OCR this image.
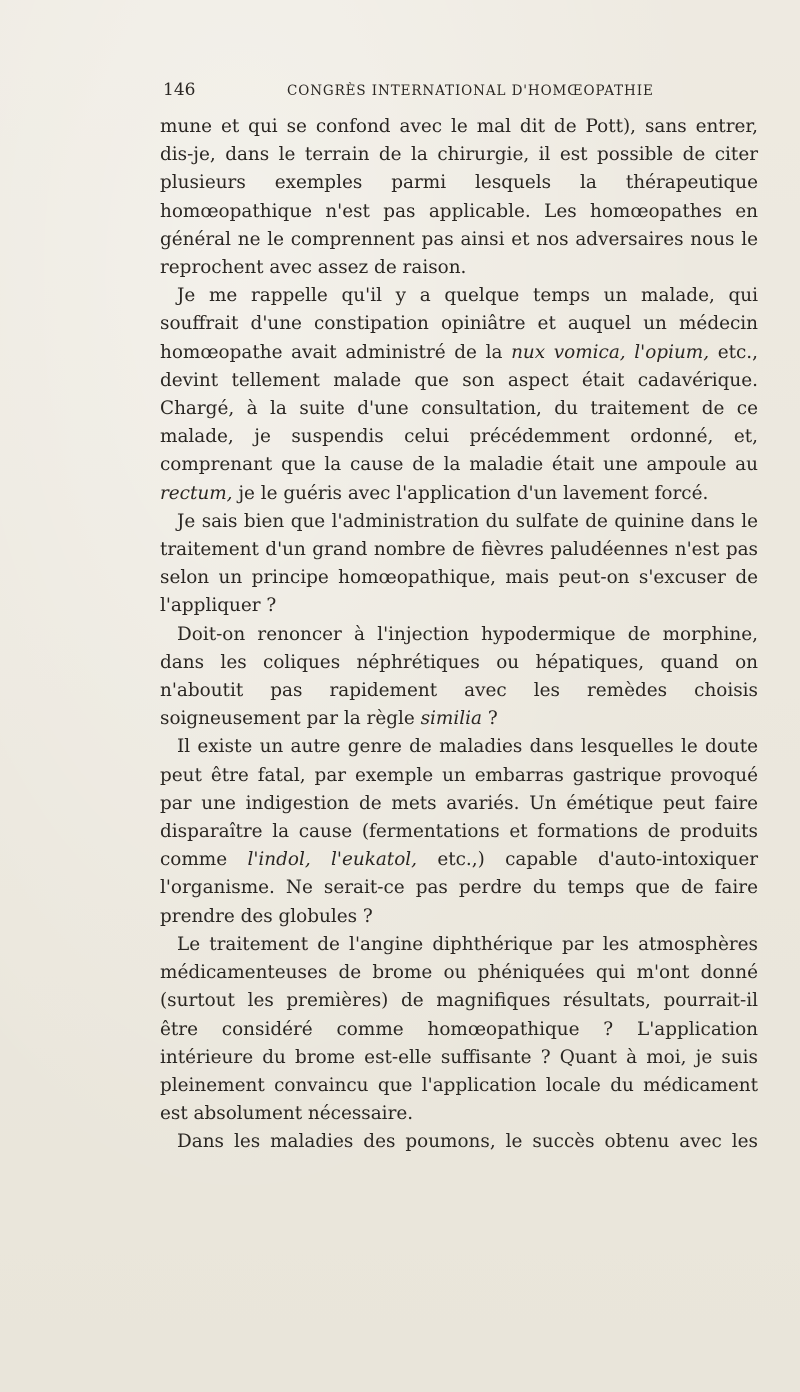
146	CONGRÈS INTERNATIONAL D'HOMŒOPATHIE

mune et qui se confond avec le mal dit de Pott), sans entrer, dis-je, dans le terrain de la chirurgie, il est possible de citer plusieurs exemples parmi lesquels la thérapeutique homœopathique n'est pas applicable. Les homœopathes en général ne le comprennent pas ainsi et nos adversaires nous le reprochent avec assez de raison.

Je me rappelle qu'il y a quelque temps un malade, qui souffrait d'une constipation opiniâtre et auquel un médecin homœopathe avait administré de la nux vomica, l'opium, etc., devint tellement malade que son aspect était cadavérique. Chargé, à la suite d'une consultation, du traitement de ce malade, je suspendis celui précédemment ordonné, et, comprenant que la cause de la maladie était une ampoule au rectum, je le guéris avec l'application d'un lavement forcé.

Je sais bien que l'administration du sulfate de quinine dans le traitement d'un grand nombre de fièvres paludéennes n'est pas selon un principe homœopathique, mais peut-on s'excuser de l'appliquer ?

Doit-on renoncer à l'injection hypodermique de morphine, dans les coliques néphrétiques ou hépatiques, quand on n'aboutit pas rapidement avec les remèdes choisis soigneusement par la règle similia ?

Il existe un autre genre de maladies dans lesquelles le doute peut être fatal, par exemple un embarras gastrique provoqué par une indigestion de mets avariés. Un émétique peut faire disparaître la cause (fermentations et formations de produits comme l'indol, l'eukatol, etc.,) capable d'auto-intoxiquer l'organisme. Ne serait-ce pas perdre du temps que de faire prendre des globules ?

Le traitement de l'angine diphthérique par les atmosphères médicamenteuses de brome ou phéniquées qui m'ont donné (surtout les premières) de magnifiques résultats, pourrait-il être considéré comme homœopathique ? L'application intérieure du brome est-elle suffisante ? Quant à moi, je suis pleinement convaincu que l'application locale du médicament est absolument nécessaire.

Dans les maladies des poumons, le succès obtenu avec les
